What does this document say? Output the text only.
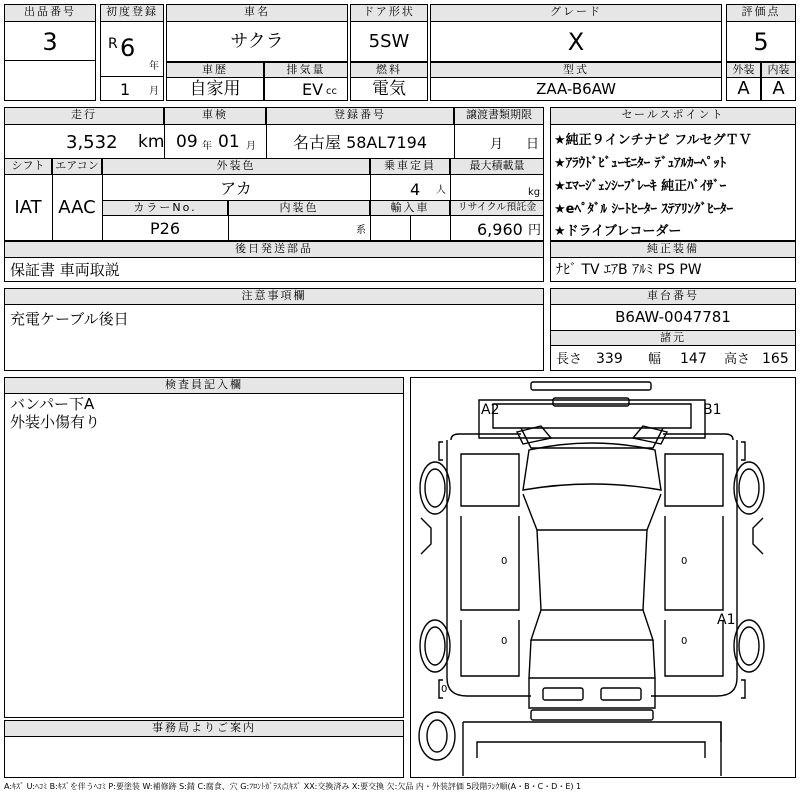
出品番号
3
初度登録
R 6
年
1 月
車名
サクラ
ドア形状
5SW
グレード
X
評価点
5
車歴
自家用
排気量
EV cc
燃料
電気
型式
ZAA-B6AW
外装
A
内装
A
走行
3,532 km
車検
09 年 01 月
登録番号
名古屋 58AL7194
譲渡書類期限
月 日
シフト
IAT
エアコン
AAC
外装色
アカ
乗車定員
4 人
最大積載量
kg
カラーNo.
P26
内装色
系
輸入車	リサイクル預託金
6,960 円
セールスポイント
★純正９インチナビ フルセグＴＶ
★ｱﾗｳﾄﾞﾋﾞｭｰﾓﾆﾀｰ ﾃﾞｭｱﾙｶｰﾍﾟｯﾄ
★ｴﾏｰｼﾞｪﾝｼｰﾌﾞﾚｰｷ 純正ﾊﾞｲｻﾞｰ
★eﾍﾟﾀﾞﾙ ｼｰﾄﾋｰﾀｰ ｽﾃｱﾘﾝｸﾞﾋｰﾀｰ
★ドライブレコーダー
後日発送部品
保証書 車両取説
純正装備
ﾅﾋﾞ TV ｴｱB ｱﾙﾐ PS PW
注意事項欄
充電ケーブル後日
車台番号
B6AW-0047781
諸元
長さ 339 幅 147 高さ 165
検査員記入欄
バンパー下A
外装小傷有り
事務局よりご案内
A2	B1
A1
0
0
0
0
0
A:ｷｽﾞ U:ﾍｺﾐ B:ｷｽﾞを伴うﾍｺﾐ P:要塗装 W:補修跡 S:錆 C:腐食、穴 G:ﾌﾛﾝﾄｶﾞﾗｽ点ｷｽﾞ XX:交換済み X:要交換 欠:欠品 内・外装評価 5段階ﾗﾝｸ順(A・B・C・D・E) 1
